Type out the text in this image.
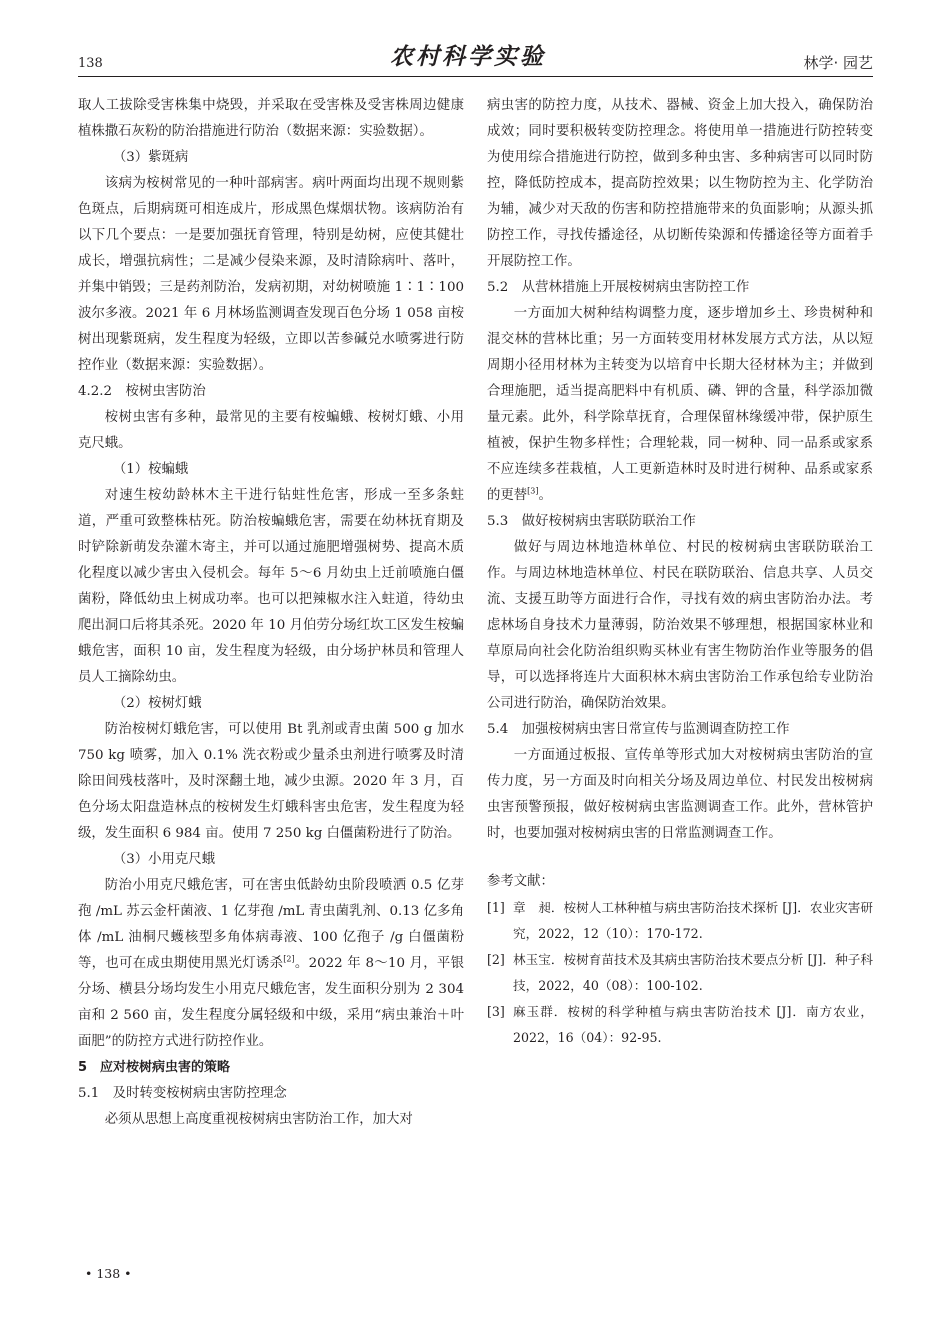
138	农村科学实验	林学· 园艺

取人工拔除受害株集中烧毁，并采取在受害株及受害株周边健康植株撒石灰粉的防治措施进行防治（数据来源：实验数据）。

（3）紫斑病

该病为桉树常见的一种叶部病害。病叶两面均出现不规则紫色斑点，后期病斑可相连成片，形成黑色煤烟状物。该病防治有以下几个要点：一是要加强抚育管理，特别是幼树，应使其健壮成长，增强抗病性；二是减少侵染来源，及时清除病叶、落叶，并集中销毁；三是药剂防治，发病初期，对幼树喷施 1∶1∶100 波尔多液。2021 年 6 月林场监测调查发现百色分场 1 058 亩桉树出现紫斑病，发生程度为轻级，立即以苦参碱兑水喷雾进行防控作业（数据来源：实验数据）。

4.2.2　桉树虫害防治

桉树虫害有多种，最常见的主要有桉蝙蛾、桉树灯蛾、小用克尺蛾。

（1）桉蝙蛾

对速生桉幼龄林木主干进行钻蛀性危害，形成一至多条蛀道，严重可致整株枯死。防治桉蝙蛾危害，需要在幼林抚育期及时铲除新萌发杂灌木寄主，并可以通过施肥增强树势、提高木质化程度以减少害虫入侵机会。每年 5～6 月幼虫上迁前喷施白僵菌粉，降低幼虫上树成功率。也可以把辣椒水注入蛀道，待幼虫爬出洞口后将其杀死。2020 年 10 月伯劳分场红坎工区发生桉蝙蛾危害，面积 10 亩，发生程度为轻级，由分场护林员和管理人员人工摘除幼虫。

（2）桉树灯蛾

防治桉树灯蛾危害，可以使用 Bt 乳剂或青虫菌 500 g 加水 750 kg 喷雾，加入 0.1% 洗衣粉或少量杀虫剂进行喷雾及时清除田间残枝落叶，及时深翻土地，减少虫源。2020 年 3 月，百色分场太阳盘造林点的桉树发生灯蛾科害虫危害，发生程度为轻级，发生面积 6 984 亩。使用 7 250 kg 白僵菌粉进行了防治。

（3）小用克尺蛾

防治小用克尺蛾危害，可在害虫低龄幼虫阶段喷洒 0.5 亿芽孢 /mL 苏云金杆菌液、1 亿芽孢 /mL 青虫菌乳剂、0.13 亿多角体 /mL 油桐尺蠖核型多角体病毒液、100 亿孢子 /g 白僵菌粉等，也可在成虫期使用黑光灯诱杀[2]。2022 年 8～10 月，平银分场、横县分场均发生小用克尺蛾危害，发生面积分别为 2 304 亩和 2 560 亩，发生程度分属轻级和中级，采用“病虫兼治＋叶面肥”的防控方式进行防控作业。

5　应对桉树病虫害的策略

5.1　及时转变桉树病虫害防控理念

必须从思想上高度重视桉树病虫害防治工作，加大对

病虫害的防控力度，从技术、器械、资金上加大投入，确保防治成效；同时要积极转变防控理念。将使用单一措施进行防控转变为使用综合措施进行防控，做到多种虫害、多种病害可以同时防控，降低防控成本，提高防控效果；以生物防控为主、化学防治为辅，减少对天敌的伤害和防控措施带来的负面影响；从源头抓防控工作，寻找传播途径，从切断传染源和传播途径等方面着手开展防控工作。

5.2　从营林措施上开展桉树病虫害防控工作

一方面加大树种结构调整力度，逐步增加乡土、珍贵树种和混交林的营林比重；另一方面转变用材林发展方式方法，从以短周期小径用材林为主转变为以培育中长期大径材林为主；并做到合理施肥，适当提高肥料中有机质、磷、钾的含量，科学添加微量元素。此外，科学除草抚育，合理保留林缘缓冲带，保护原生植被，保护生物多样性；合理轮栽，同一树种、同一品系或家系不应连续多茬栽植，人工更新造林时及时进行树种、品系或家系的更替[3]。

5.3　做好桉树病虫害联防联治工作

做好与周边林地造林单位、村民的桉树病虫害联防联治工作。与周边林地造林单位、村民在联防联治、信息共享、人员交流、支援互助等方面进行合作，寻找有效的病虫害防治办法。考虑林场自身技术力量薄弱，防治效果不够理想，根据国家林业和草原局向社会化防治组织购买林业有害生物防治作业等服务的倡导，可以选择将连片大面积林木病虫害防治工作承包给专业防治公司进行防治，确保防治效果。

5.4　加强桉树病虫害日常宣传与监测调查防控工作

一方面通过板报、宣传单等形式加大对桉树病虫害防治的宣传力度，另一方面及时向相关分场及周边单位、村民发出桉树病虫害预警预报，做好桉树病虫害监测调查工作。此外，营林管护时，也要加强对桉树病虫害的日常监测调查工作。

参考文献：

[1] 章　昶．桉树人工林种植与病虫害防治技术探析 [J]．农业灾害研究，2022，12（10）：170-172.
[2] 林玉宝．桉树育苗技术及其病虫害防治技术要点分析 [J]．种子科技，2022，40（08）：100-102.
[3] 麻玉群．桉树的科学种植与病虫害防治技术 [J]．南方农业，2022，16（04）：92-95.
• 138 •
